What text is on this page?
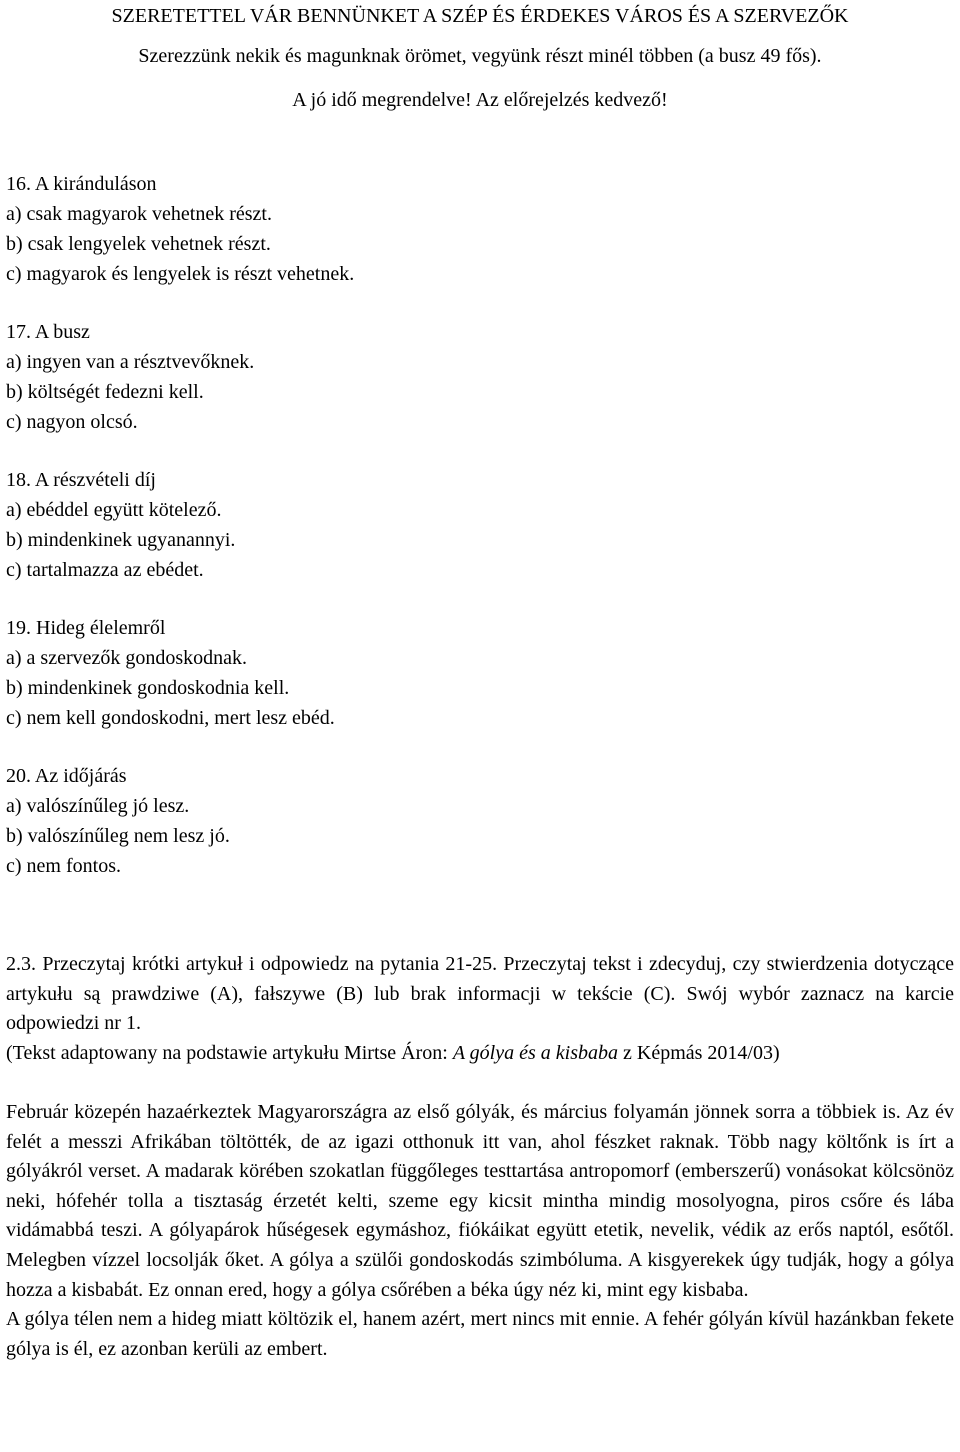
SZERETETTEL VÁR BENNÜNKET A SZÉP ÉS ÉRDEKES VÁROS ÉS A SZERVEZŐK
Szerezzünk nekik és magunknak örömet, vegyünk részt minél többen (a busz 49 fős).
A jó idő megrendelve! Az előrejelzés kedvező!
16. A kiránduláson
a) csak magyarok vehetnek részt.
b) csak lengyelek vehetnek részt.
c) magyarok és lengyelek is részt vehetnek.
17. A busz
a) ingyen van a résztvevőknek.
b) költségét fedezni kell.
c) nagyon olcsó.
18. A részvételi díj
a) ebéddel együtt kötelező.
b) mindenkinek ugyanannyi.
c) tartalmazza az ebédet.
19. Hideg élelemről
a) a szervezők gondoskodnak.
b) mindenkinek gondoskodnia kell.
c) nem kell gondoskodni, mert lesz ebéd.
20. Az időjárás
a) valószínűleg jó lesz.
b) valószínűleg nem lesz jó.
c) nem fontos.

2.3. Przeczytaj krótki artykuł i odpowiedz na pytania 21-25. Przeczytaj tekst i zdecyduj, czy stwierdzenia dotyczące artykułu są prawdziwe (A), fałszywe (B) lub brak informacji w tekście (C). Swój wybór zaznacz na karcie odpowiedzi nr 1.

(Tekst adaptowany na podstawie artykułu Mirtse Áron: A gólya és a kisbaba z Képmás 2014/03)

Február közepén hazaérkeztek Magyarországra az első gólyák, és március folyamán jönnek sorra a többiek is. Az év felét a messzi Afrikában töltötték, de az igazi otthonuk itt van, ahol fészket raknak. Több nagy költőnk is írt a gólyákról verset. A madarak körében szokatlan függőleges testtartása antropomorf (emberszerű) vonásokat kölcsönöz neki, hófehér tolla a tisztaság érzetét kelti, szeme egy kicsit mintha mindig mosolyogna, piros csőre és lába vidámabbá teszi. A gólyapárok hűségesek egymáshoz, fiókáikat együtt etetik, nevelik, védik az erős naptól, esőtől. Melegben vízzel locsolják őket. A gólya a szülői gondoskodás szimbóluma. A kisgyerekek úgy tudják, hogy a gólya hozza a kisbabát. Ez onnan ered, hogy a gólya csőrében a béka úgy néz ki, mint egy kisbaba.

A gólya télen nem a hideg miatt költözik el, hanem azért, mert nincs mit ennie. A fehér gólyán kívül hazánkban fekete gólya is él, ez azonban kerüli az embert.
